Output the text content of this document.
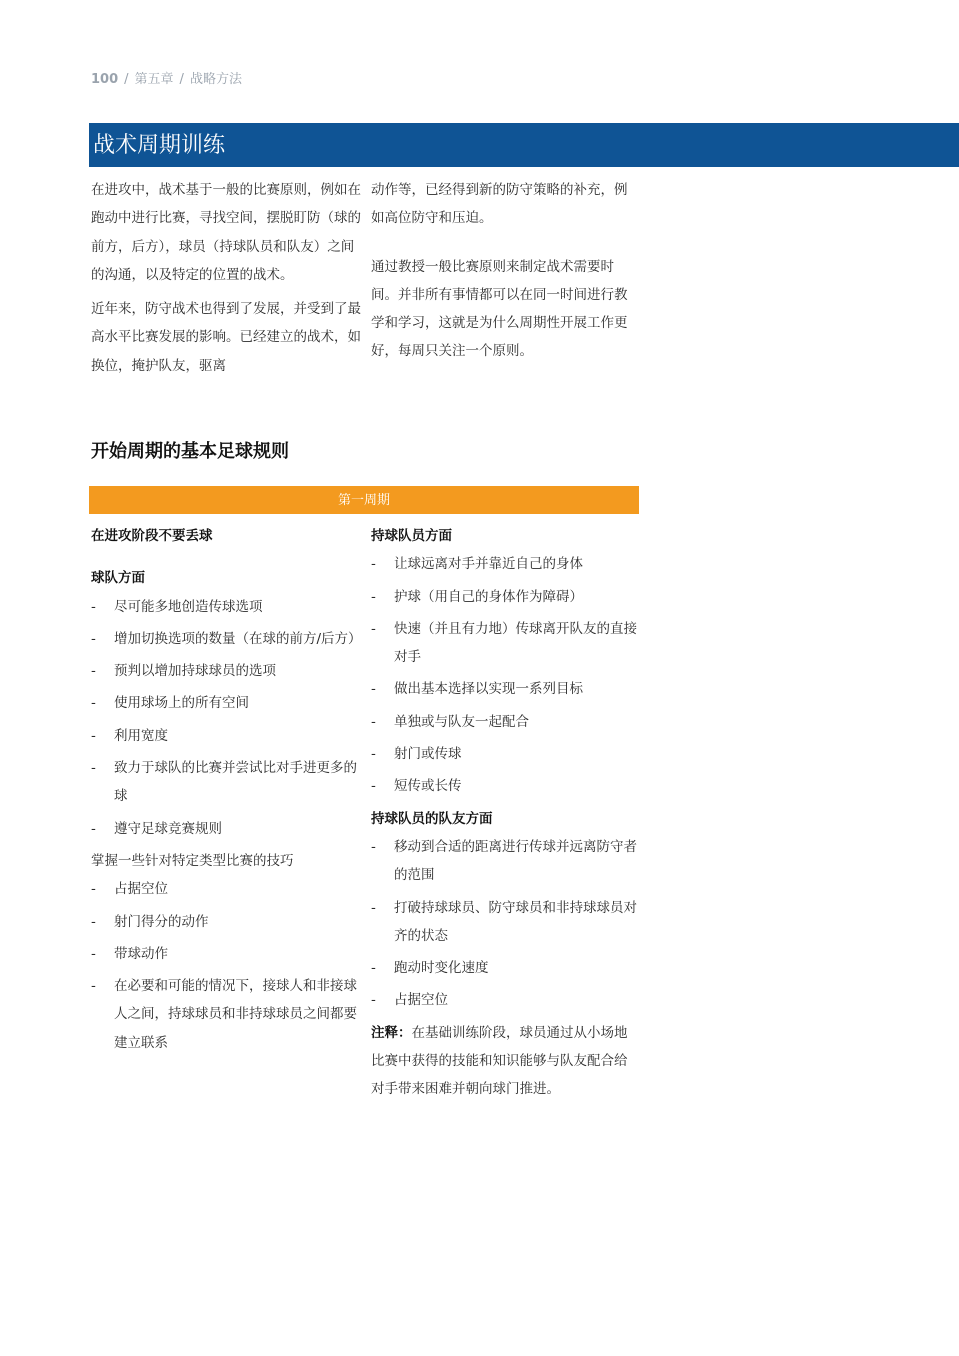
100 / 第五章 / 战略方法
战术周期训练

在进攻中，战术基于一般的比赛原则，例如在跑动中进行比赛，寻找空间，摆脱盯防（球的前方，后方），球员（持球队员和队友）之间的沟通，以及特定的位置的战术。

近年来，防守战术也得到了发展，并受到了最高水平比赛发展的影响。已经建立的战术，如换位，掩护队友，驱离

动作等，已经得到新的防守策略的补充，例如高位防守和压迫。

通过教授一般比赛原则来制定战术需要时间。并非所有事情都可以在同一时间进行教学和学习，这就是为什么周期性开展工作更好，每周只关注一个原则。

开始周期的基本足球规则
第一周期
在进攻阶段不要丢球
球队方面
- 尽可能多地创造传球选项
- 增加切换选项的数量（在球的前方/后方）
- 预判以增加持球球员的选项
- 使用球场上的所有空间
- 利用宽度
- 致力于球队的比赛并尝试比对手进更多的球
- 遵守足球竞赛规则
掌握一些针对特定类型比赛的技巧
- 占据空位
- 射门得分的动作
- 带球动作
- 在必要和可能的情况下，接球人和非接球人之间，持球球员和非持球球员之间都要建立联系
持球队员方面
- 让球远离对手并靠近自己的身体
- 护球（用自己的身体作为障碍）
- 快速（并且有力地）传球离开队友的直接对手
- 做出基本选择以实现一系列目标
- 单独或与队友一起配合
- 射门或传球
- 短传或长传
持球队员的队友方面
- 移动到合适的距离进行传球并远离防守者的范围
- 打破持球球员、防守球员和非持球球员对齐的状态
- 跑动时变化速度
- 占据空位
注释：在基础训练阶段，球员通过从小场地比赛中获得的技能和知识能够与队友配合给对手带来困难并朝向球门推进。
